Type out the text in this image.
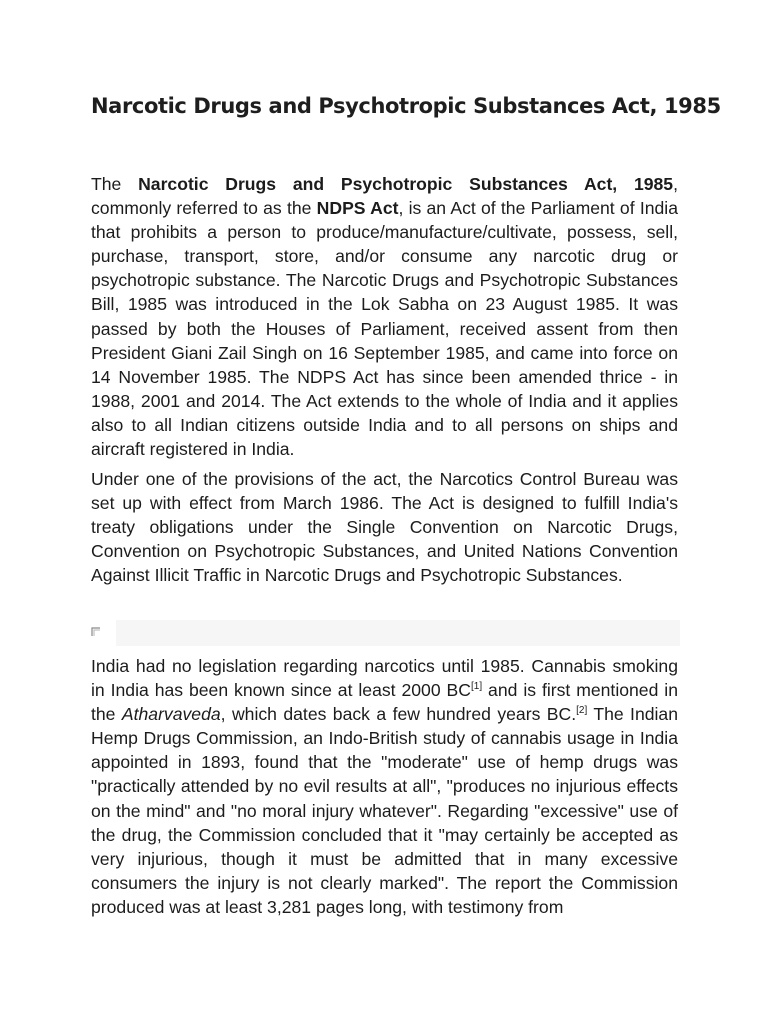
Narcotic Drugs and Psychotropic Substances Act, 1985

The Narcotic Drugs and Psychotropic Substances Act, 1985, commonly referred to as the NDPS Act, is an Act of the Parliament of India that prohibits a person to produce/manufacture/cultivate, possess, sell, purchase, transport, store, and/or consume any narcotic drug or psychotropic substance. The Narcotic Drugs and Psychotropic Substances Bill, 1985 was introduced in the Lok Sabha on 23 August 1985. It was passed by both the Houses of Parliament, received assent from then President Giani Zail Singh on 16 September 1985, and came into force on 14 November 1985. The NDPS Act has since been amended thrice - in 1988, 2001 and 2014. The Act extends to the whole of India and it applies also to all Indian citizens outside India and to all persons on ships and aircraft registered in India.

Under one of the provisions of the act, the Narcotics Control Bureau was set up with effect from March 1986. The Act is designed to fulfill India's treaty obligations under the Single Convention on Narcotic Drugs, Convention on Psychotropic Substances, and United Nations Convention Against Illicit Traffic in Narcotic Drugs and Psychotropic Substances.

India had no legislation regarding narcotics until 1985. Cannabis smoking in India has been known since at least 2000 BC[1] and is first mentioned in the Atharvaveda, which dates back a few hundred years BC.[2] The Indian Hemp Drugs Commission, an Indo-British study of cannabis usage in India appointed in 1893, found that the "moderate" use of hemp drugs was "practically attended by no evil results at all", "produces no injurious effects on the mind" and "no moral injury whatever". Regarding "excessive" use of the drug, the Commission concluded that it "may certainly be accepted as very injurious, though it must be admitted that in many excessive consumers the injury is not clearly marked". The report the Commission produced was at least 3,281 pages long, with testimony from
